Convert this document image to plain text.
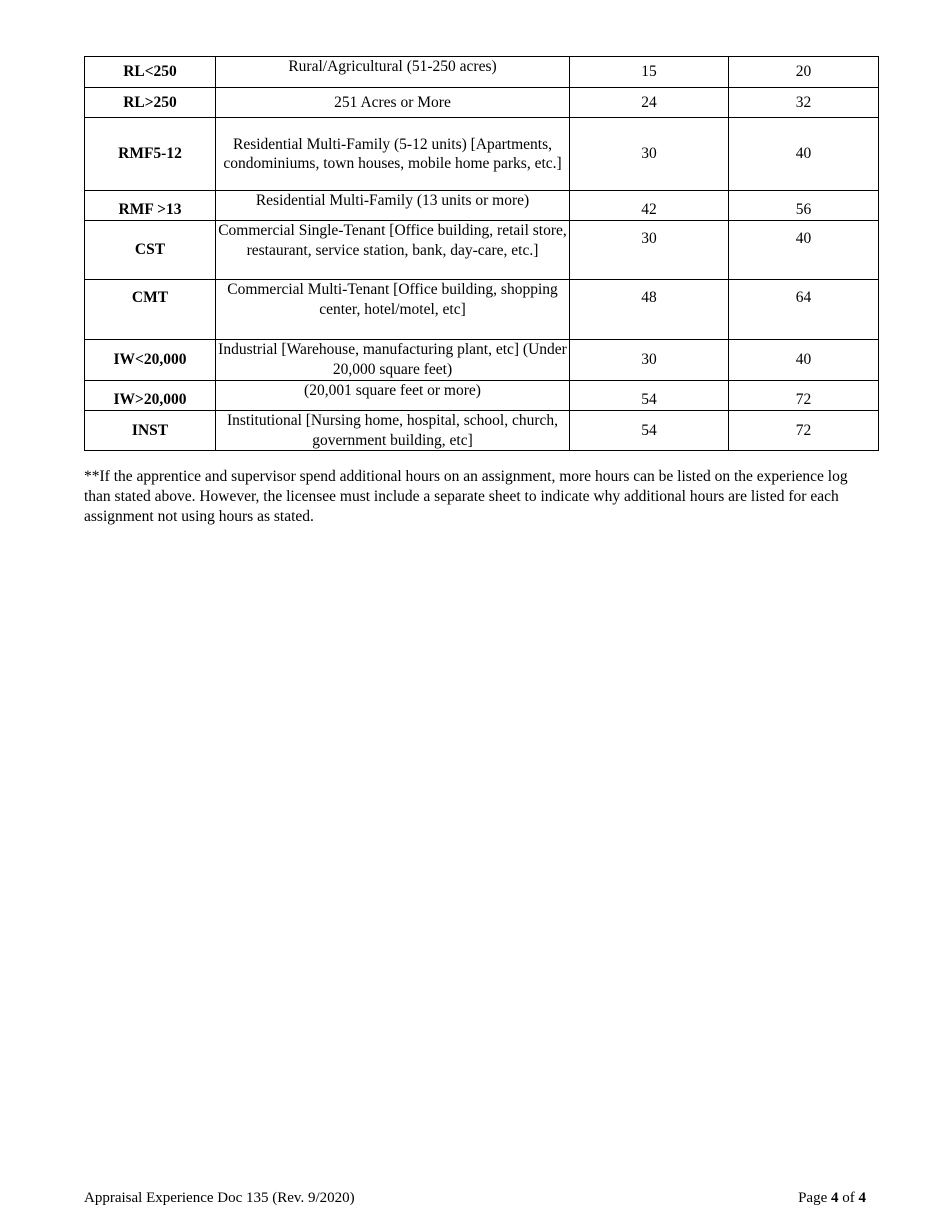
RL<250	Rural/Agricultural (51-250 acres)	15	20
RL>250	251 Acres or More	24	32
RMF5-12	Residential Multi-Family (5-12 units) [Apartments, condominiums, town houses, mobile home parks, etc.]	30	40
RMF >13	Residential Multi-Family (13 units or more)	42	56
CST	Commercial Single-Tenant [Office building, retail store, restaurant, service station, bank, day-care, etc.]	30	40
CMT	Commercial Multi-Tenant [Office building, shopping center, hotel/motel, etc]	48	64
IW<20,000	Industrial [Warehouse, manufacturing plant, etc] (Under 20,000 square feet)	30	40
IW>20,000	(20,001 square feet or more)	54	72
INST	Institutional [Nursing home, hospital, school, church, government building, etc]	54	72

**If the apprentice and supervisor spend additional hours on an assignment, more hours can be listed on the experience log than stated above. However, the licensee must include a separate sheet to indicate why additional hours are listed for each assignment not using hours as stated.

Appraisal Experience Doc 135 (Rev. 9/2020)	Page 4 of 4
